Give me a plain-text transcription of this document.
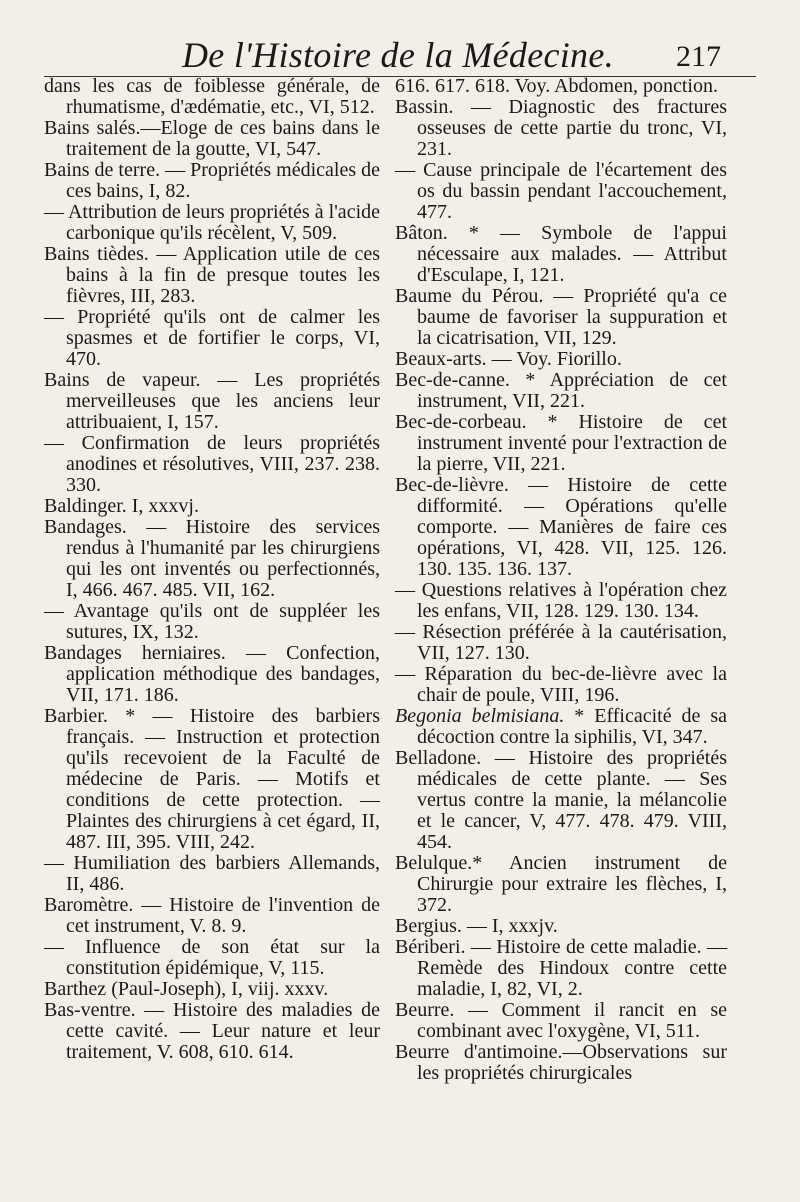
De l'Histoire de la Médecine. 217

dans les cas de foiblesse générale, de rhumatisme, d'ædématie, etc., VI, 512.

Bains salés.—Eloge de ces bains dans le traitement de la goutte, VI, 547.

Bains de terre. — Propriétés médicales de ces bains, I, 82.

— Attribution de leurs propriétés à l'acide carbonique qu'ils récèlent, V, 509.

Bains tièdes. — Application utile de ces bains à la fin de presque toutes les fièvres, III, 283.

— Propriété qu'ils ont de calmer les spasmes et de fortifier le corps, VI, 470.

Bains de vapeur. — Les propriétés merveilleuses que les anciens leur attribuaient, I, 157.

— Confirmation de leurs propriétés anodines et résolutives, VIII, 237. 238. 330.

Baldinger. I, xxxvj.

Bandages. — Histoire des services rendus à l'humanité par les chirurgiens qui les ont inventés ou perfectionnés, I, 466. 467. 485. VII, 162.

— Avantage qu'ils ont de suppléer les sutures, IX, 132.

Bandages herniaires. — Confection, application méthodique des bandages, VII, 171. 186.

Barbier. * — Histoire des barbiers français. — Instruction et protection qu'ils recevoient de la Faculté de médecine de Paris. — Motifs et conditions de cette protection. — Plaintes des chirurgiens à cet égard, II, 487. III, 395. VIII, 242.

— Humiliation des barbiers Allemands, II, 486.

Baromètre. — Histoire de l'invention de cet instrument, V. 8. 9.

— Influence de son état sur la constitution épidémique, V, 115.

Barthez (Paul-Joseph), I, viij. xxxv.

Bas-ventre. — Histoire des maladies de cette cavité. — Leur nature et leur traitement, V. 608, 610. 614.

616. 617. 618. Voy. Abdomen, ponction.

Bassin. — Diagnostic des fractures osseuses de cette partie du tronc, VI, 231.

— Cause principale de l'écartement des os du bassin pendant l'accouchement, 477.

Bâton. * — Symbole de l'appui nécessaire aux malades. — Attribut d'Esculape, I, 121.

Baume du Pérou. — Propriété qu'a ce baume de favoriser la suppuration et la cicatrisation, VII, 129.

Beaux-arts. — Voy. Fiorillo.

Bec-de-canne. * Appréciation de cet instrument, VII, 221.

Bec-de-corbeau. * Histoire de cet instrument inventé pour l'extraction de la pierre, VII, 221.

Bec-de-lièvre. — Histoire de cette difformité. — Opérations qu'elle comporte. — Manières de faire ces opérations, VI, 428. VII, 125. 126. 130. 135. 136. 137.

— Questions relatives à l'opération chez les enfans, VII, 128. 129. 130. 134.

— Résection préférée à la cautérisation, VII, 127. 130.

— Réparation du bec-de-lièvre avec la chair de poule, VIII, 196.

Begonia belmisiana. * Efficacité de sa décoction contre la siphilis, VI, 347.

Belladone. — Histoire des propriétés médicales de cette plante. — Ses vertus contre la manie, la mélancolie et le cancer, V, 477. 478. 479. VIII, 454.

Belulque.* Ancien instrument de Chirurgie pour extraire les flèches, I, 372.

Bergius. — I, xxxjv.

Bériberi. — Histoire de cette maladie. — Remède des Hindoux contre cette maladie, I, 82, VI, 2.

Beurre. — Comment il rancit en se combinant avec l'oxygène, VI, 511.

Beurre d'antimoine.—Observations sur les propriétés chirurgicales
